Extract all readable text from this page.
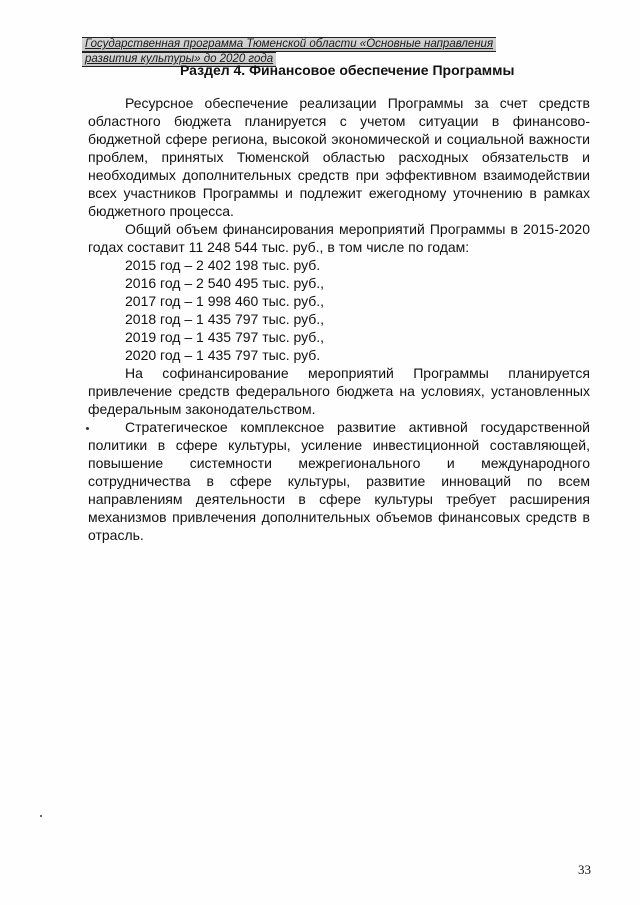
Государственная программа Тюменской области «Основные направления
развития культуры» до 2020 года
Раздел 4. Финансовое обеспечение Программы

Ресурсное обеспечение реализации Программы за счет средств областного бюджета планируется с учетом ситуации в финансово-бюджетной сфере региона, высокой экономической и социальной важности проблем, принятых Тюменской областью расходных обязательств и необходимых дополнительных средств при эффективном взаимодействии всех участников Программы и подлежит ежегодному уточнению в рамках бюджетного процесса.

Общий объем финансирования мероприятий Программы в 2015-2020 годах составит 11 248 544 тыс. руб., в том числе по годам:

2015 год – 2 402 198 тыс. руб.

2016 год – 2 540 495 тыс. руб.,

2017 год – 1 998 460 тыс. руб.,

2018 год – 1 435 797 тыс. руб.,

2019 год – 1 435 797 тыс. руб.,

2020 год – 1 435 797 тыс. руб.

На софинансирование мероприятий Программы планируется привлечение средств федерального бюджета на условиях, установленных федеральным законодательством.

Стратегическое комплексное развитие активной государственной политики в сфере культуры, усиление инвестиционной составляющей, повышение системности межрегионального и международного сотрудничества в сфере культуры, развитие инноваций по всем направлениям деятельности в сфере культуры требует расширения механизмов привлечения дополнительных объемов финансовых средств в отрасль.

33
